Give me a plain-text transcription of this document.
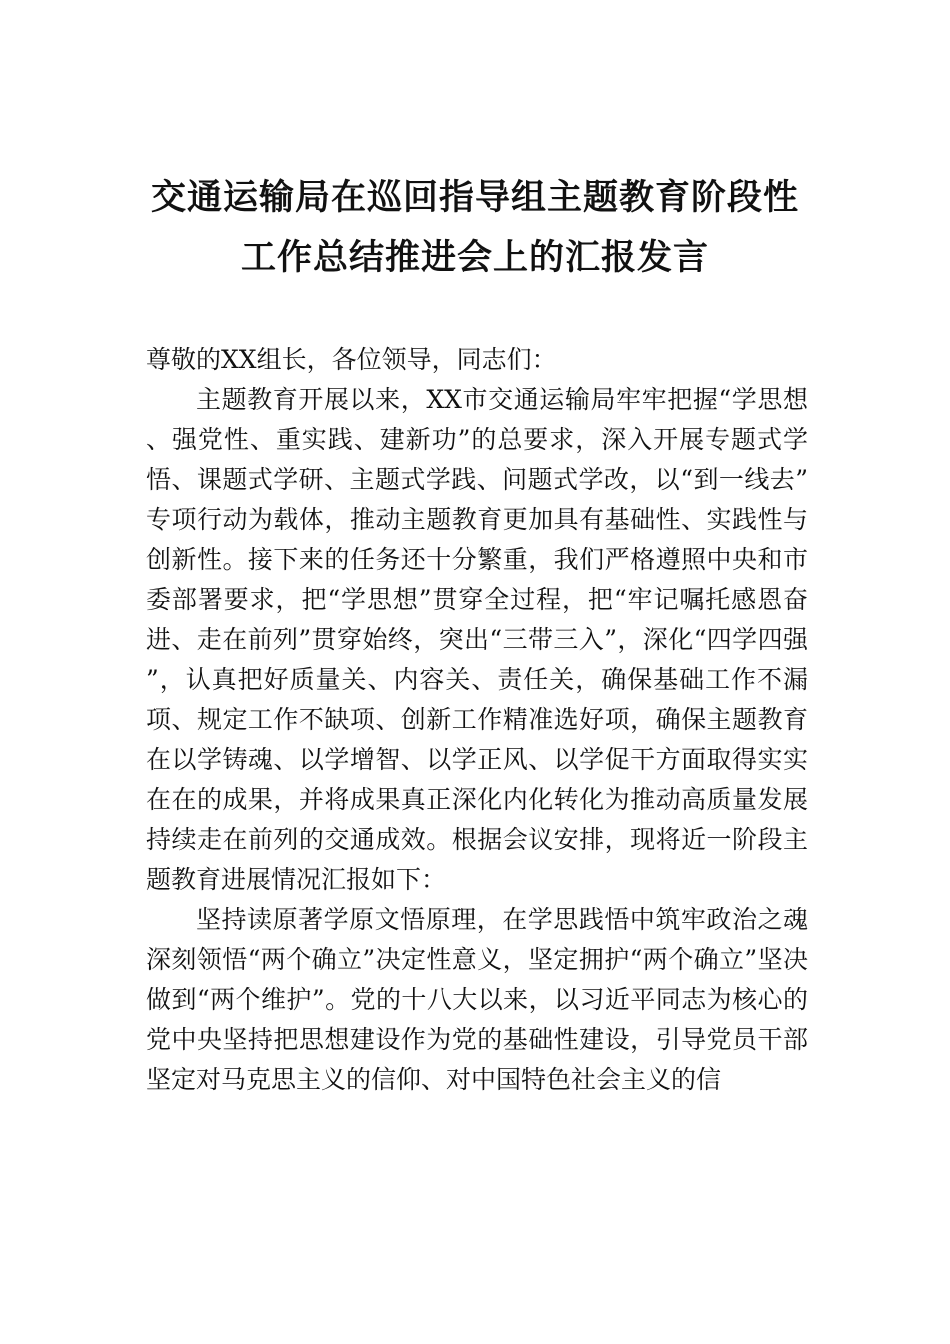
交通运输局在巡回指导组主题教育阶段性
工作总结推进会上的汇报发言

尊敬的XX组长，各位领导，同志们：

主题教育开展以来，XX市交通运输局牢牢把握“学思想、强党性、重实践、建新功”的总要求，深入开展专题式学悟、课题式学研、主题式学践、问题式学改，以“到一线去”专项行动为载体，推动主题教育更加具有基础性、实践性与创新性。接下来的任务还十分繁重，我们严格遵照中央和市委部署要求，把“学思想”贯穿全过程，把“牢记嘱托感恩奋进、走在前列”贯穿始终，突出“三带三入”，深化“四学四强”，认真把好质量关、内容关、责任关，确保基础工作不漏项、规定工作不缺项、创新工作精准选好项，确保主题教育在以学铸魂、以学增智、以学正风、以学促干方面取得实实在在的成果，并将成果真正深化内化转化为推动高质量发展持续走在前列的交通成效。根据会议安排，现将近一阶段主题教育进展情况汇报如下：

坚持读原著学原文悟原理，在学思践悟中筑牢政治之魂深刻领悟“两个确立”决定性意义，坚定拥护“两个确立”坚决做到“两个维护”。党的十八大以来，以习近平同志为核心的党中央坚持把思想建设作为党的基础性建设，引导党员干部坚定对马克思主义的信仰、对中国特色社会主义的信
